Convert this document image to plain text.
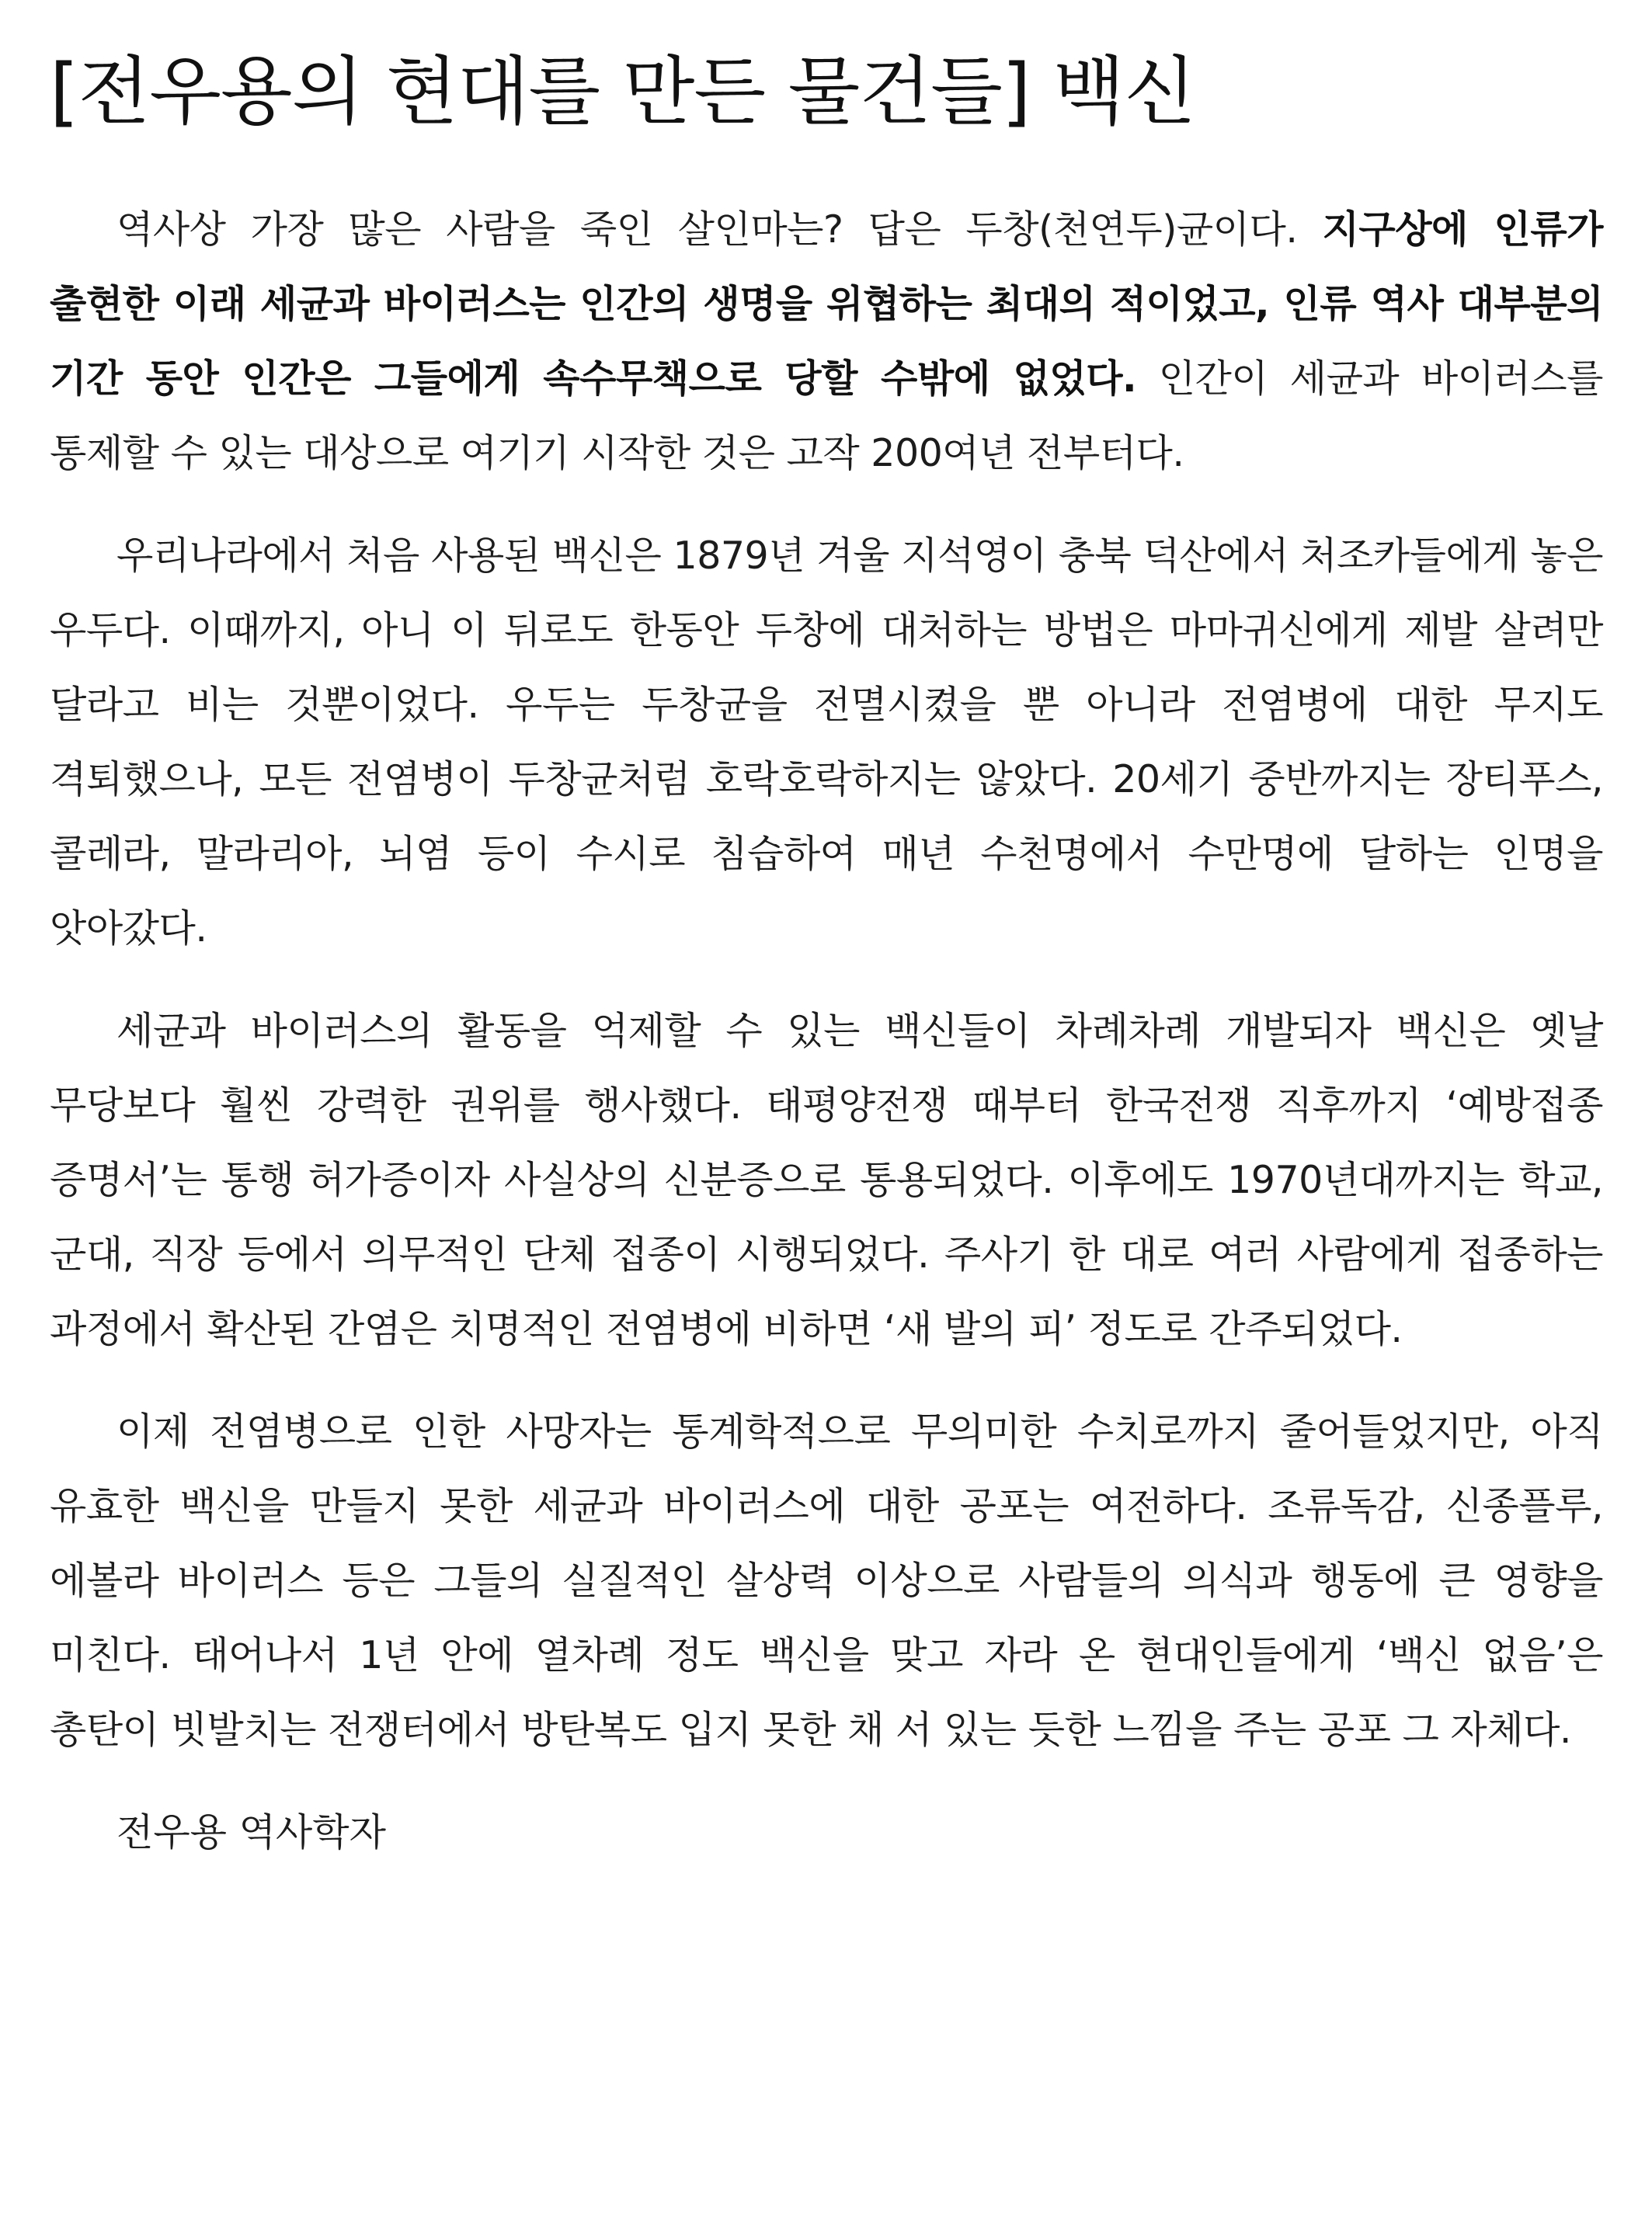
[전우용의 현대를 만든 물건들] 백신

역사상 가장 많은 사람을 죽인 살인마는? 답은 두창(천연두)균이다. 지구상에 인류가 출현한 이래 세균과 바이러스는 인간의 생명을 위협하는 최대의 적이었고, 인류 역사 대부분의 기간 동안 인간은 그들에게 속수무책으로 당할 수밖에 없었다. 인간이 세균과 바이러스를 통제할 수 있는 대상으로 여기기 시작한 것은 고작 200여년 전부터다.

우리나라에서 처음 사용된 백신은 1879년 겨울 지석영이 충북 덕산에서 처조카들에게 놓은 우두다. 이때까지, 아니 이 뒤로도 한동안 두창에 대처하는 방법은 마마귀신에게 제발 살려만 달라고 비는 것뿐이었다. 우두는 두창균을 전멸시켰을 뿐 아니라 전염병에 대한 무지도 격퇴했으나, 모든 전염병이 두창균처럼 호락호락하지는 않았다. 20세기 중반까지는 장티푸스, 콜레라, 말라리아, 뇌염 등이 수시로 침습하여 매년 수천명에서 수만명에 달하는 인명을 앗아갔다.

세균과 바이러스의 활동을 억제할 수 있는 백신들이 차례차례 개발되자 백신은 옛날 무당보다 훨씬 강력한 권위를 행사했다. 태평양전쟁 때부터 한국전쟁 직후까지 ‘예방접종 증명서’는 통행 허가증이자 사실상의 신분증으로 통용되었다. 이후에도 1970년대까지는 학교, 군대, 직장 등에서 의무적인 단체 접종이 시행되었다. 주사기 한 대로 여러 사람에게 접종하는 과정에서 확산된 간염은 치명적인 전염병에 비하면 ‘새 발의 피’ 정도로 간주되었다.

이제 전염병으로 인한 사망자는 통계학적으로 무의미한 수치로까지 줄어들었지만, 아직 유효한 백신을 만들지 못한 세균과 바이러스에 대한 공포는 여전하다. 조류독감, 신종플루, 에볼라 바이러스 등은 그들의 실질적인 살상력 이상으로 사람들의 의식과 행동에 큰 영향을 미친다. 태어나서 1년 안에 열차례 정도 백신을 맞고 자라 온 현대인들에게 ‘백신 없음’은 총탄이 빗발치는 전쟁터에서 방탄복도 입지 못한 채 서 있는 듯한 느낌을 주는 공포 그 자체다.

전우용 역사학자
